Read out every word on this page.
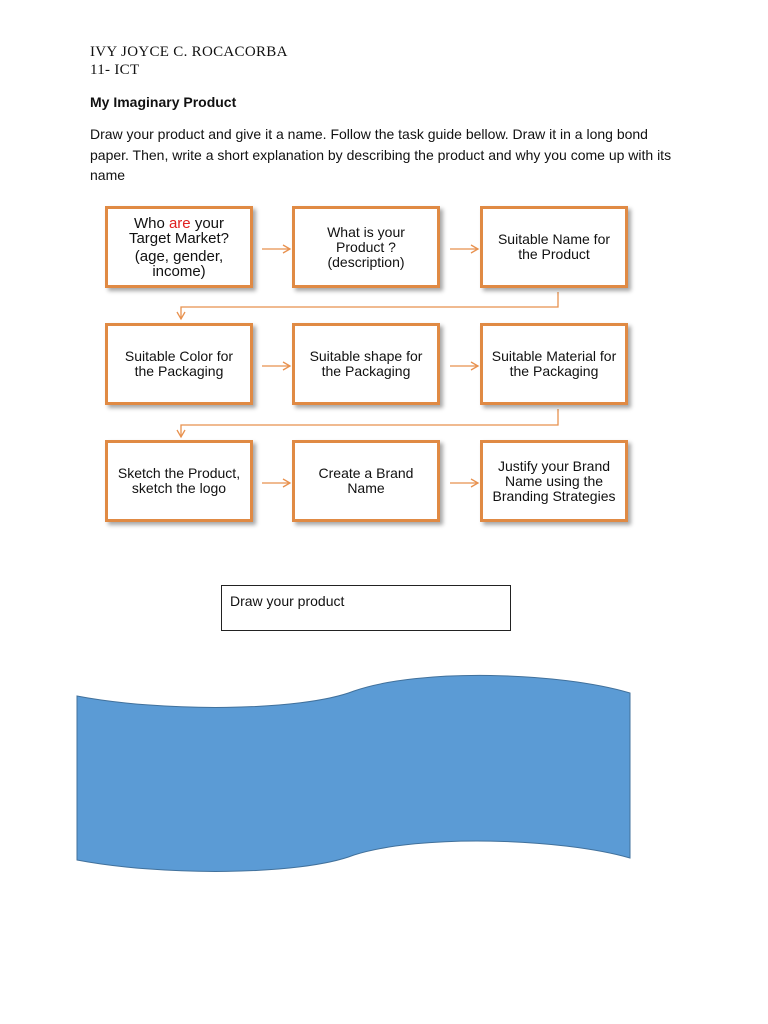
IVY JOYCE C. ROCACORBA
11- ICT
My Imaginary Product
Draw your product and give it a name. Follow the task guide bellow. Draw it in a long bond paper. Then, write a short explanation by describing the product and why you come up with its name
Who are your
Target Market?
(age, gender,
income)
What is your
Product ?
(description)
Suitable Name for
the Product
Suitable Color for
the Packaging
Suitable shape for
the Packaging
Suitable Material for
the Packaging
Sketch the Product,
sketch the logo
Create a Brand
Name
Justify your Brand
Name using the
Branding Strategies
Draw your product
